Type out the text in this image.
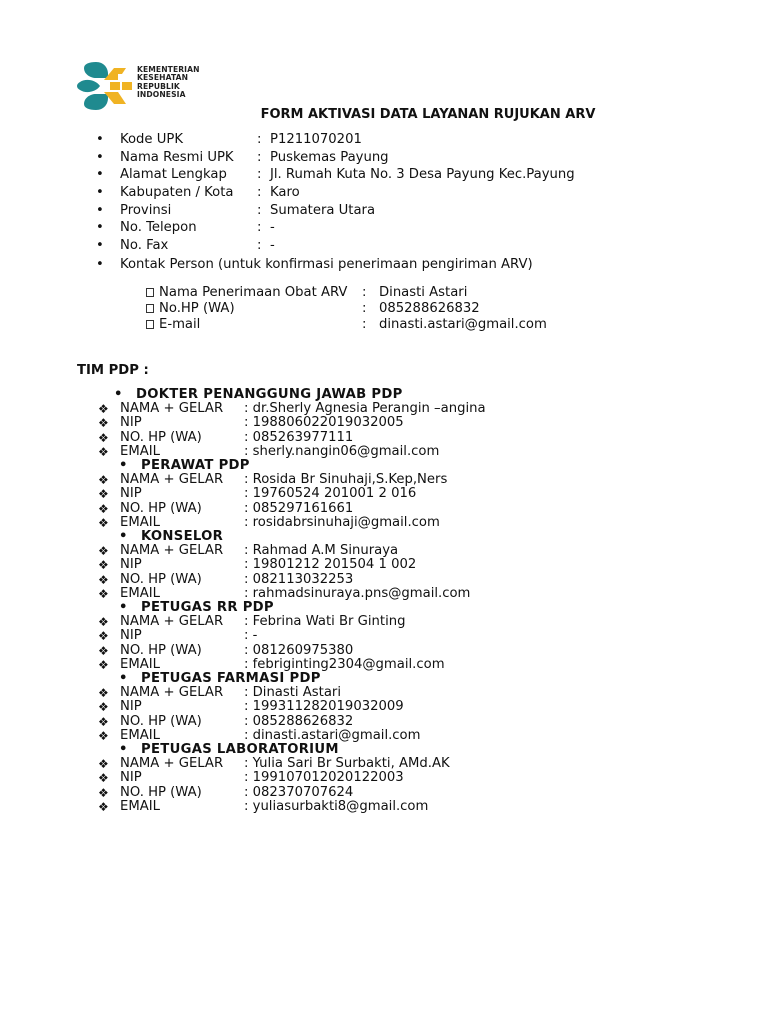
KEMENTERIAN
KESEHATAN
REPUBLIK
INDONESIA
FORM AKTIVASI DATA LAYANAN RUJUKAN ARV
• Kode UPK	: P1211070201
• Nama Resmi UPK : Puskemas Payung
• Alamat Lengkap : Jl. Rumah Kuta No. 3 Desa Payung Kec.Payung
• Kabupaten / Kota : Karo
• Provinsi	: Sumatera Utara
• No. Telepon	: -
• No. Fax	: -
• Kontak Person (untuk konfirmasi penerimaan pengiriman ARV)
Nama Penerimaan Obat ARV : Dinasti Astari
No.HP (WA)	: 085288626832
E-mail	: dinasti.astari@gmail.com
TIM PDP :
• DOKTER PENANGGUNG JAWAB PDP
❖ NAMA + GELAR : dr.Sherly Agnesia Perangin –angina
❖ NIP	: 198806022019032005
❖ NO. HP (WA)	: 085263977111
❖ EMAIL	: sherly.nangin06@gmail.com
• PERAWAT PDP
❖ NAMA + GELAR : Rosida Br Sinuhaji,S.Kep,Ners
❖ NIP	: 19760524 201001 2 016
❖ NO. HP (WA)	: 085297161661
❖ EMAIL	: rosidabrsinuhaji@gmail.com
• KONSELOR
❖ NAMA + GELAR : Rahmad A.M Sinuraya
❖ NIP	: 19801212 201504 1 002
❖ NO. HP (WA)	: 082113032253
❖ EMAIL	: rahmadsinuraya.pns@gmail.com
• PETUGAS RR PDP
❖ NAMA + GELAR : Febrina Wati Br Ginting
❖ NIP	: -
❖ NO. HP (WA)	: 081260975380
❖ EMAIL	: febriginting2304@gmail.com
• PETUGAS FARMASI PDP
❖ NAMA + GELAR : Dinasti Astari
❖ NIP	: 199311282019032009
❖ NO. HP (WA)	: 085288626832
❖ EMAIL	: dinasti.astari@gmail.com
• PETUGAS LABORATORIUM
❖ NAMA + GELAR : Yulia Sari Br Surbakti, AMd.AK
❖ NIP	: 199107012020122003
❖ NO. HP (WA)	: 082370707624
❖ EMAIL	: yuliasurbakti8@gmail.com
